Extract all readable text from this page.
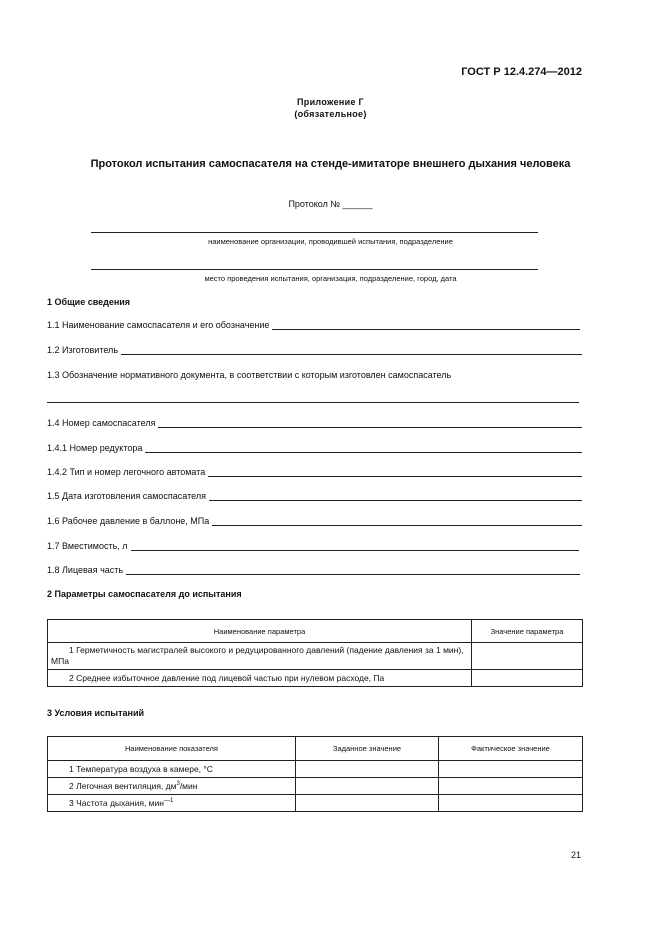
ГОСТ Р 12.4.274—2012
Приложение Г
(обязательное)
Протокол испытания самоспасателя на стенде-имитаторе внешнего дыхания человека
Протокол № ______
наименование организации, проводившей испытания, подразделение
место проведения испытания, организация, подразделение, город, дата
1 Общие сведения
1.1 Наименование самоспасателя и его обозначение
1.2 Изготовитель
1.3 Обозначение нормативного документа, в соответствии с которым изготовлен самоспасатель
1.4 Номер самоспасателя
1.4.1 Номер редуктора
1.4.2 Тип и номер легочного автомата
1.5 Дата изготовления самоспасателя
1.6 Рабочее давление в баллоне, МПа
1.7 Вместимость, л
1.8 Лицевая часть
2 Параметры самоспасателя до испытания
Наименование параметра	Значение параметра
1 Герметичность магистралей высокого и редуцированного давлений (падение давления за 1 мин), МПа	
2 Среднее избыточное давление под лицевой частью при нулевом расходе, Па	
3 Условия испытаний
Наименование показателя	Заданное значение	Фактическое значение
1 Температура воздуха в камере, °С		
2 Легочная вентиляция, $дм^3$/мин		
3 Частота дыхания, мин$^{—1}$		
21
